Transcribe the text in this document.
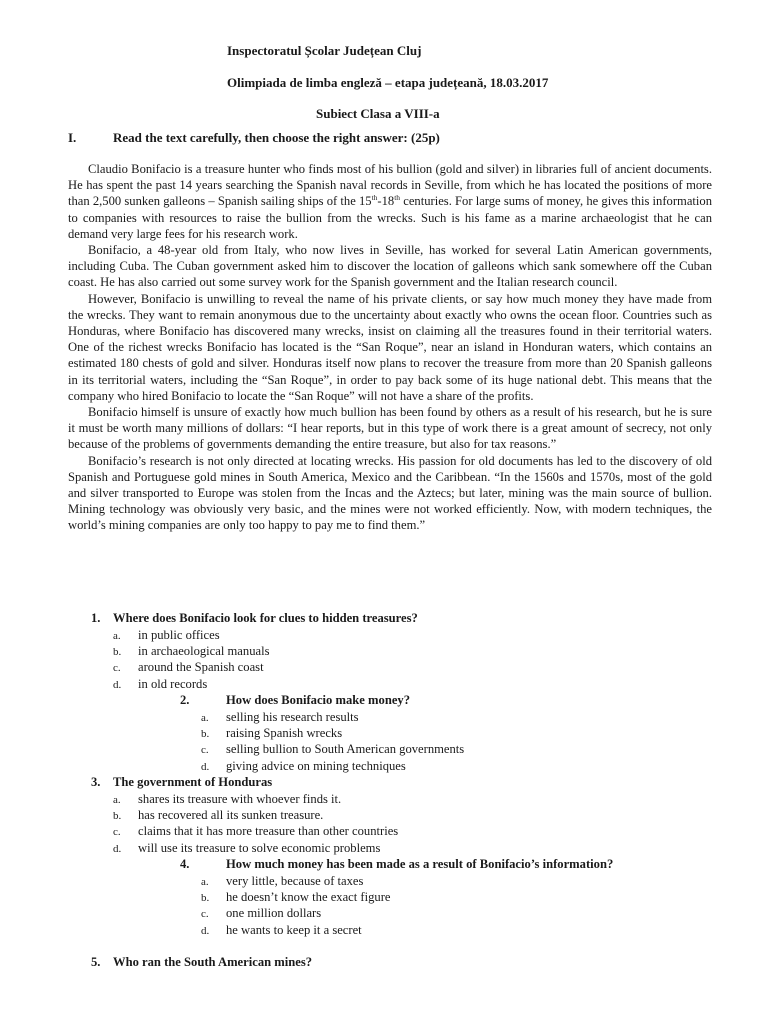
Inspectoratul Școlar Județean Cluj
Olimpiada de limba engleză – etapa județeană, 18.03.2017
Subiect Clasa a VIII-a
I.	Read the text carefully, then choose the right answer: (25p)

Claudio Bonifacio is a treasure hunter who finds most of his bullion (gold and silver) in libraries full of ancient documents. He has spent the past 14 years searching the Spanish naval records in Seville, from which he has located the positions of more than 2,500 sunken galleons – Spanish sailing ships of the 15th-18th centuries. For large sums of money, he gives this information to companies with resources to raise the bullion from the wrecks. Such is his fame as a marine archaeologist that he can demand very large fees for his research work.

Bonifacio, a 48-year old from Italy, who now lives in Seville, has worked for several Latin American governments, including Cuba. The Cuban government asked him to discover the location of galleons which sank somewhere off the Cuban coast. He has also carried out some survey work for the Spanish government and the Italian research council.

However, Bonifacio is unwilling to reveal the name of his private clients, or say how much money they have made from the wrecks. They want to remain anonymous due to the uncertainty about exactly who owns the ocean floor. Countries such as Honduras, where Bonifacio has discovered many wrecks, insist on claiming all the treasures found in their territorial waters. One of the richest wrecks Bonifacio has located is the “San Roque”, near an island in Honduran waters, which contains an estimated 180 chests of gold and silver. Honduras itself now plans to recover the treasure from more than 20 Spanish galleons in its territorial waters, including the “San Roque”, in order to pay back some of its huge national debt. This means that the company who hired Bonifacio to locate the “San Roque” will not have a share of the profits.

Bonifacio himself is unsure of exactly how much bullion has been found by others as a result of his research, but he is sure it must be worth many millions of dollars: “I hear reports, but in this type of work there is a great amount of secrecy, not only because of the problems of governments demanding the entire treasure, but also for tax reasons.”

Bonifacio’s research is not only directed at locating wrecks. His passion for old documents has led to the discovery of old Spanish and Portuguese gold mines in South America, Mexico and the Caribbean. “In the 1560s and 1570s, most of the gold and silver transported to Europe was stolen from the Incas and the Aztecs; but later, mining was the main source of bullion. Mining technology was obviously very basic, and the mines were not worked efficiently. Now, with modern techniques, the world’s mining companies are only too happy to pay me to find them.”

1. Where does Bonifacio look for clues to hidden treasures?
a. in public offices
b. in archaeological manuals
c. around the Spanish coast
d. in old records
2.	How does Bonifacio make money?
a. selling his research results
b. raising Spanish wrecks
c. selling bullion to South American governments
d. giving advice on mining techniques
3. The government of Honduras
a. shares its treasure with whoever finds it.
b. has recovered all its sunken treasure.
c. claims that it has more treasure than other countries
d. will use its treasure to solve economic problems
4.	How much money has been made as a result of Bonifacio’s information?
a. very little, because of taxes
b. he doesn’t know the exact figure
c. one million dollars
d. he wants to keep it a secret
5. Who ran the South American mines?
